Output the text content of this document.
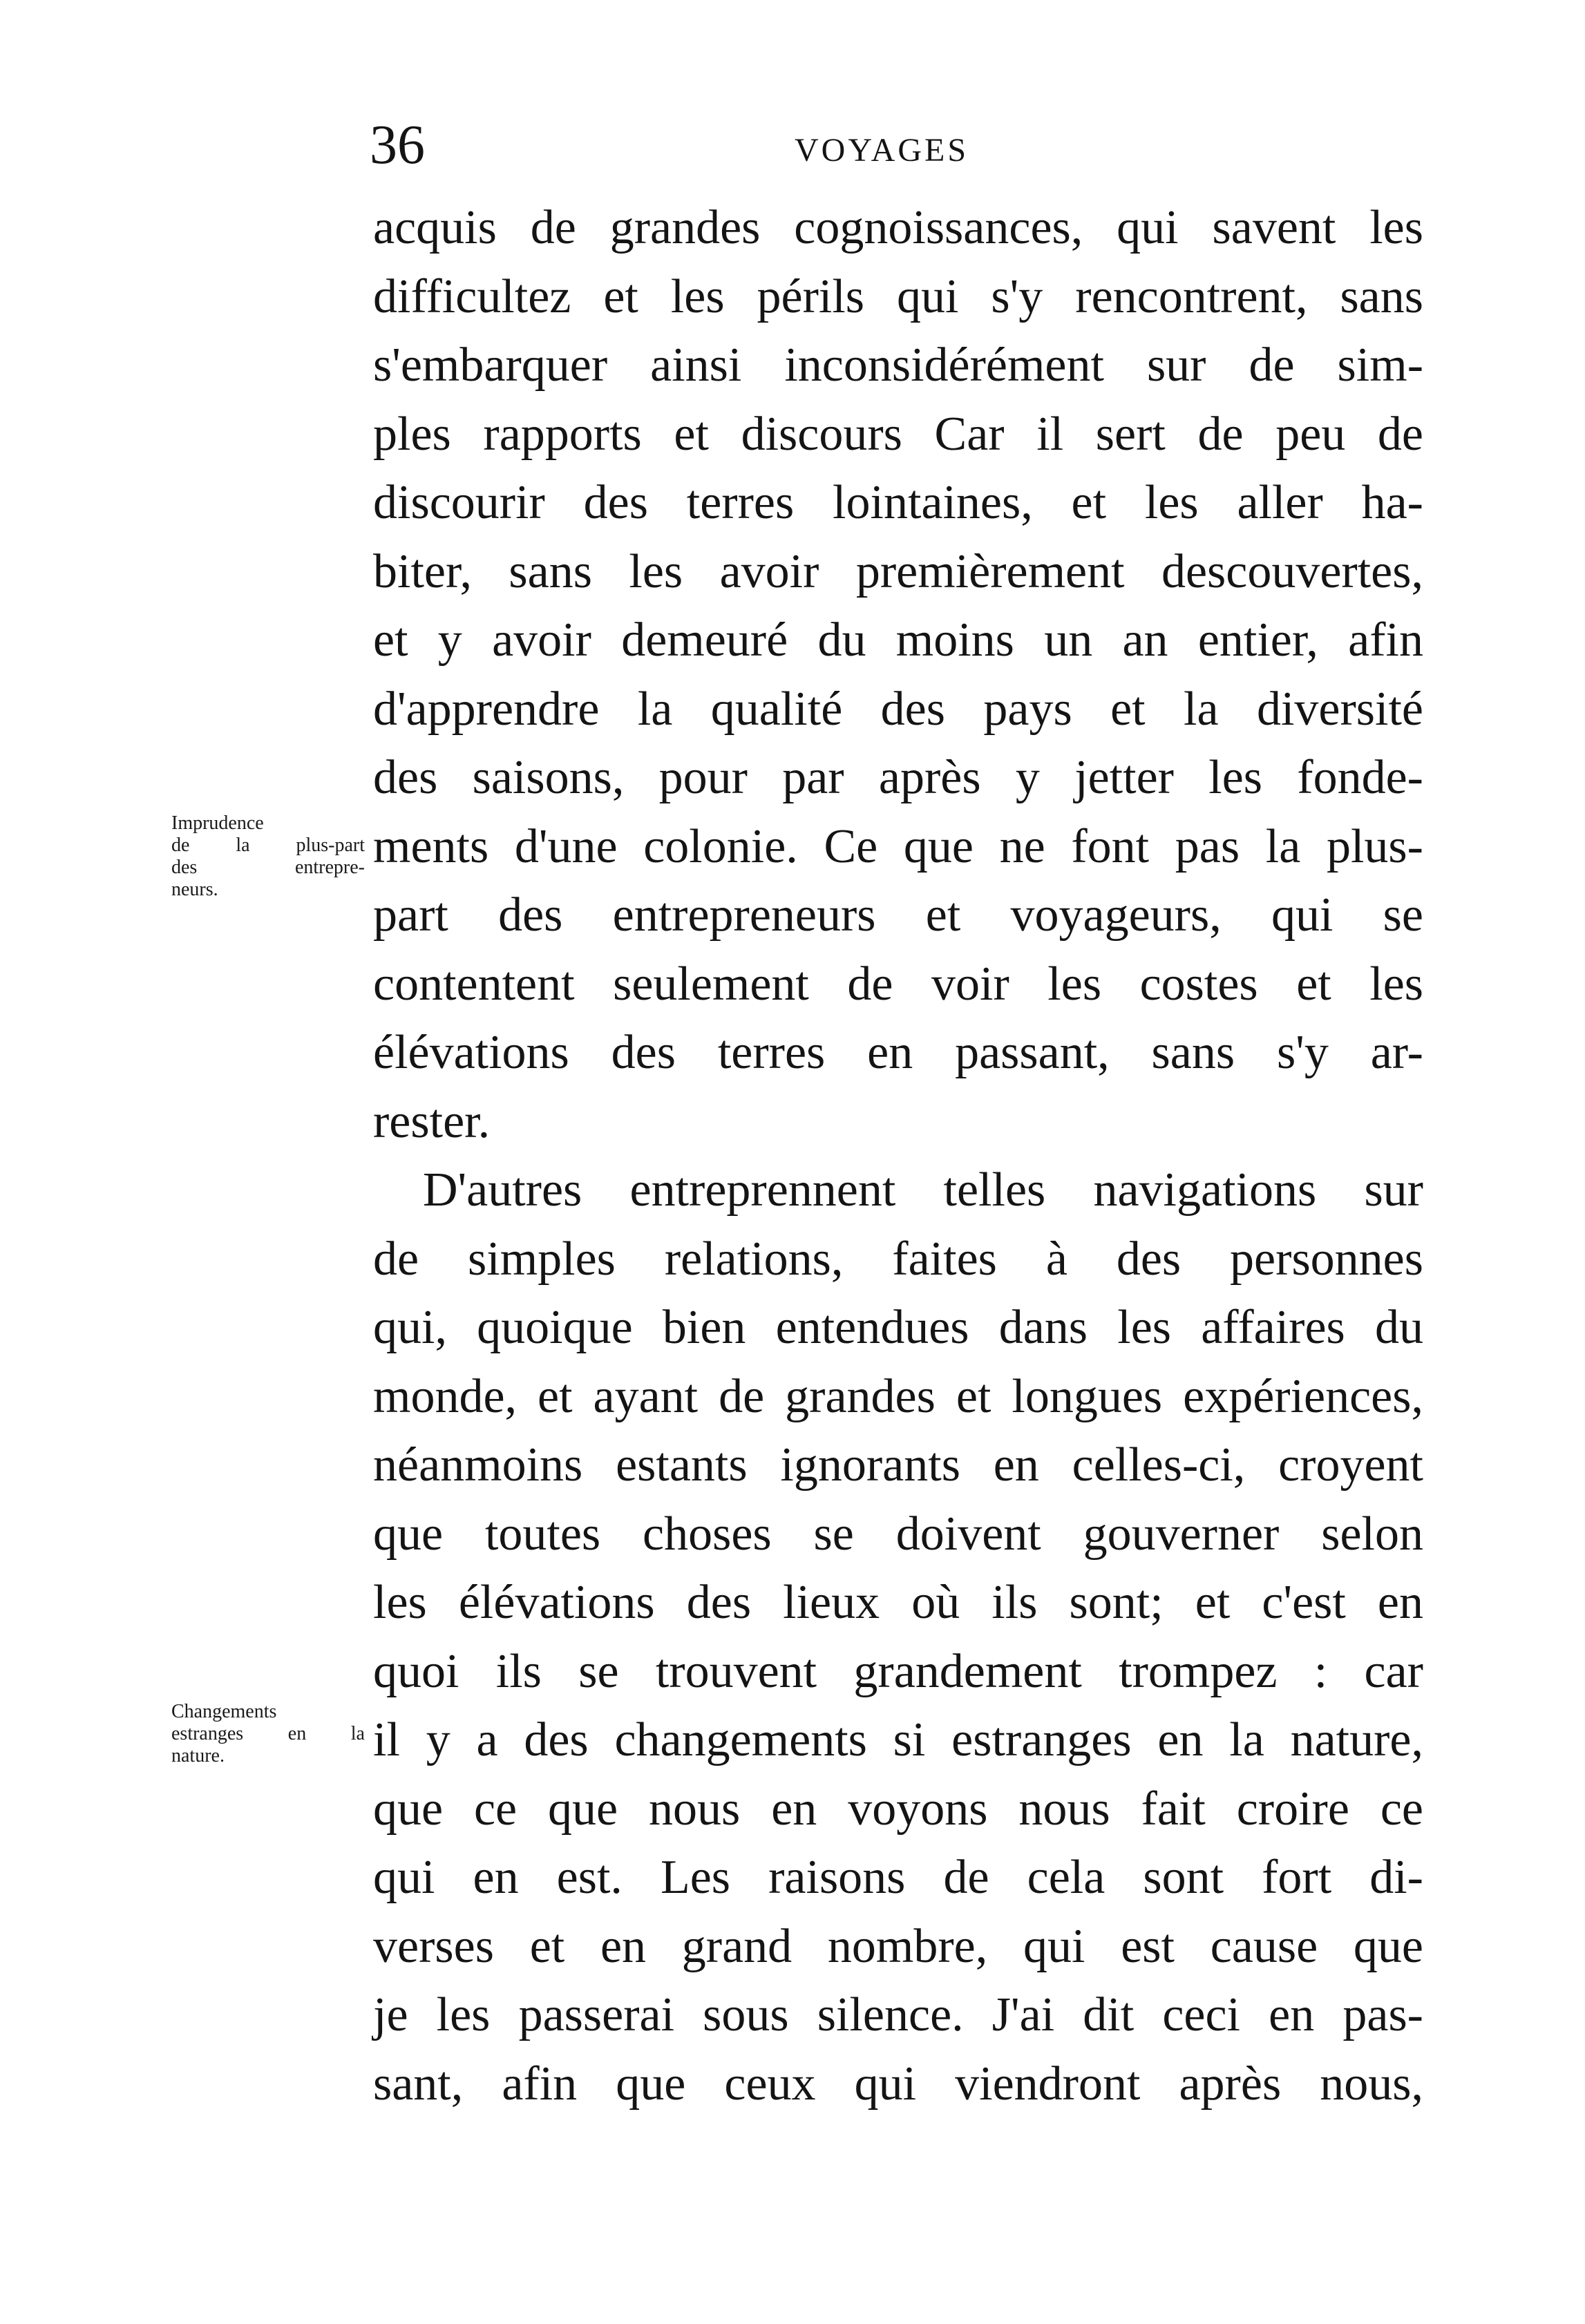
36	VOYAGES
Imprudence
de la plus-part
des entrepre-
neurs.
Changements
estranges en la
nature.
acquis de grandes cognoissances, qui savent les
difficultez et les périls qui s'y rencontrent, sans
s'embarquer ainsi inconsidérément sur de sim-
ples rapports et discours Car il sert de peu de
discourir des terres lointaines, et les aller ha-
biter, sans les avoir premièrement descouvertes,
et y avoir demeuré du moins un an entier, afin
d'apprendre la qualité des pays et la diversité
des saisons, pour par après y jetter les fonde-
ments d'une colonie. Ce que ne font pas la plus-
part des entrepreneurs et voyageurs, qui se
contentent seulement de voir les costes et les
élévations des terres en passant, sans s'y ar-
rester.
D'autres entreprennent telles navigations sur
de simples relations, faites à des personnes
qui, quoique bien entendues dans les affaires du
monde, et ayant de grandes et longues expériences,
néanmoins estants ignorants en celles-ci, croyent
que toutes choses se doivent gouverner selon
les élévations des lieux où ils sont; et c'est en
quoi ils se trouvent grandement trompez : car
il y a des changements si estranges en la nature,
que ce que nous en voyons nous fait croire ce
qui en est. Les raisons de cela sont fort di-
verses et en grand nombre, qui est cause que
je les passerai sous silence. J'ai dit ceci en pas-
sant, afin que ceux qui viendront après nous,
